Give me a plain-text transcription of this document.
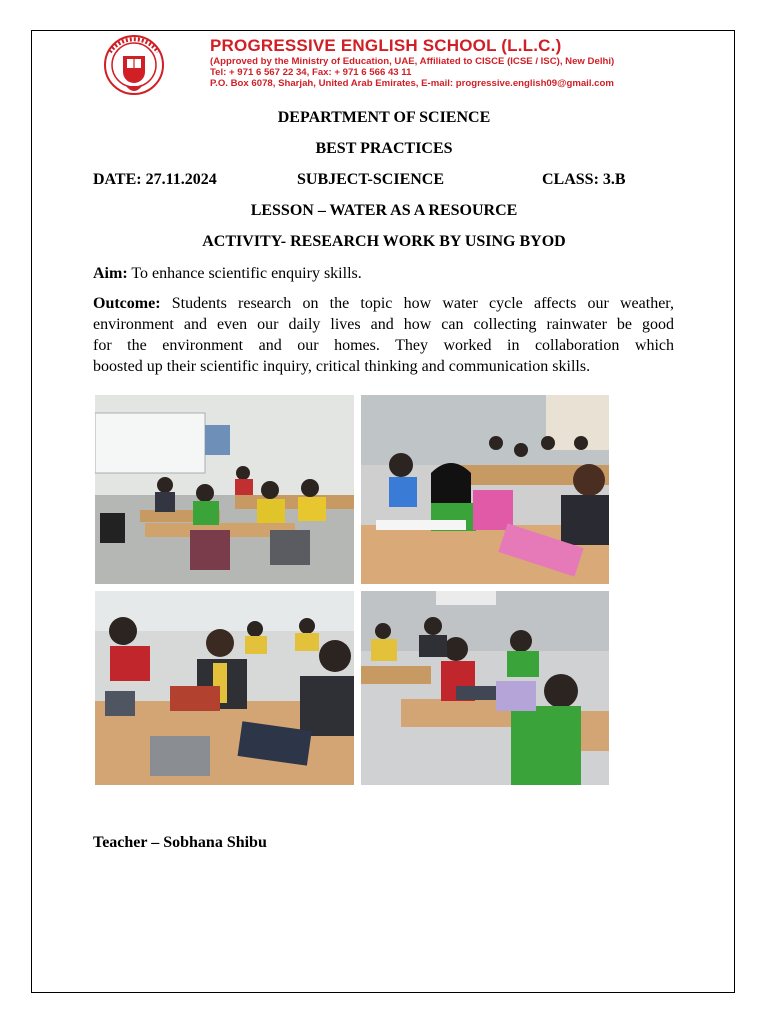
PROGRESSIVE ENGLISH SCHOOL (L.L.C.)
(Approved by the Ministry of Education, UAE, Affiliated to CISCE (ICSE / ISC), New Delhi)
Tel: + 971 6 567 22 34, Fax: + 971 6 566 43 11
P.O. Box 6078, Sharjah, United Arab Emirates, E-mail: progressive.english09@gmail.com
DEPARTMENT OF SCIENCE
BEST PRACTICES
DATE: 27.11.2024	SUBJECT-SCIENCE	CLASS: 3.B
LESSON – WATER AS A RESOURCE
ACTIVITY- RESEARCH WORK BY USING BYOD
Aim: To enhance scientific enquiry skills.
Outcome: Students research on the topic how water cycle affects our weather,
environment and even our daily lives and how can collecting rainwater be good
for the environment and our homes. They worked in collaboration which
boosted up their scientific inquiry, critical thinking and communication skills.
Teacher – Sobhana Shibu
